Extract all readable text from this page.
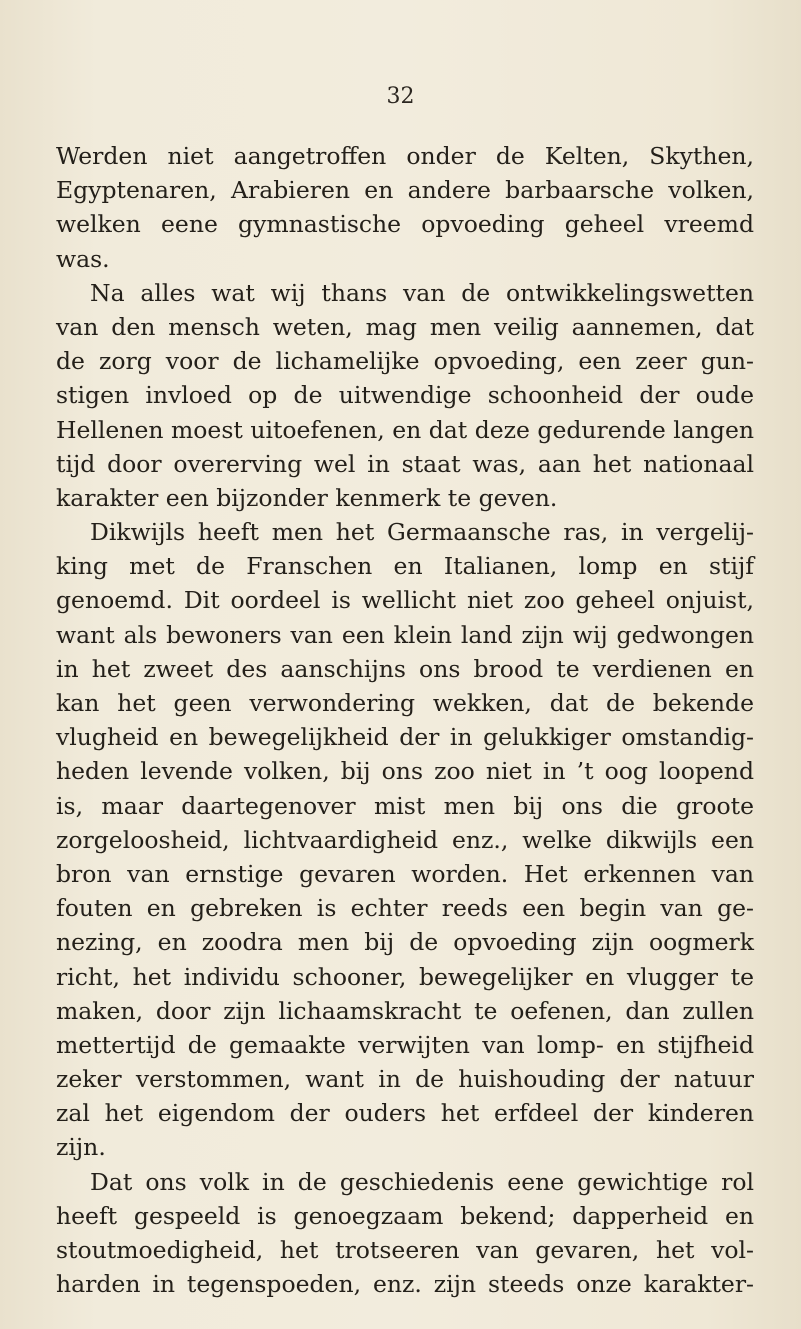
32
Werden niet aangetroffen onder de Kelten, Skythen,
Egyptenaren, Arabieren en andere barbaarsche volken,
welken eene gymnastische opvoeding geheel vreemd
was.
Na alles wat wij thans van de ontwikkelingswetten
van den mensch weten, mag men veilig aannemen, dat
de zorg voor de lichamelijke opvoeding, een zeer gun-
stigen invloed op de uitwendige schoonheid der oude
Hellenen moest uitoefenen, en dat deze gedurende langen
tijd door overerving wel in staat was, aan het nationaal
karakter een bijzonder kenmerk te geven.
Dikwijls heeft men het Germaansche ras, in vergelij-
king met de Franschen en Italianen, lomp en stijf
genoemd. Dit oordeel is wellicht niet zoo geheel onjuist,
want als bewoners van een klein land zijn wij gedwongen
in het zweet des aanschijns ons brood te verdienen en
kan het geen verwondering wekken, dat de bekende
vlugheid en bewegelijkheid der in gelukkiger omstandig-
heden levende volken, bij ons zoo niet in ’t oog loopend
is, maar daartegenover mist men bij ons die groote
zorgeloosheid, lichtvaardigheid enz., welke dikwijls een
bron van ernstige gevaren worden. Het erkennen van
fouten en gebreken is echter reeds een begin van ge-
nezing, en zoodra men bij de opvoeding zijn oogmerk
richt, het individu schooner, bewegelijker en vlugger te
maken, door zijn lichaamskracht te oefenen, dan zullen
mettertijd de gemaakte verwijten van lomp- en stijfheid
zeker verstommen, want in de huishouding der natuur
zal het eigendom der ouders het erfdeel der kinderen
zijn.
Dat ons volk in de geschiedenis eene gewichtige rol
heeft gespeeld is genoegzaam bekend; dapperheid en
stoutmoedigheid, het trotseeren van gevaren, het vol-
harden in tegenspoeden, enz. zijn steeds onze karakter-
